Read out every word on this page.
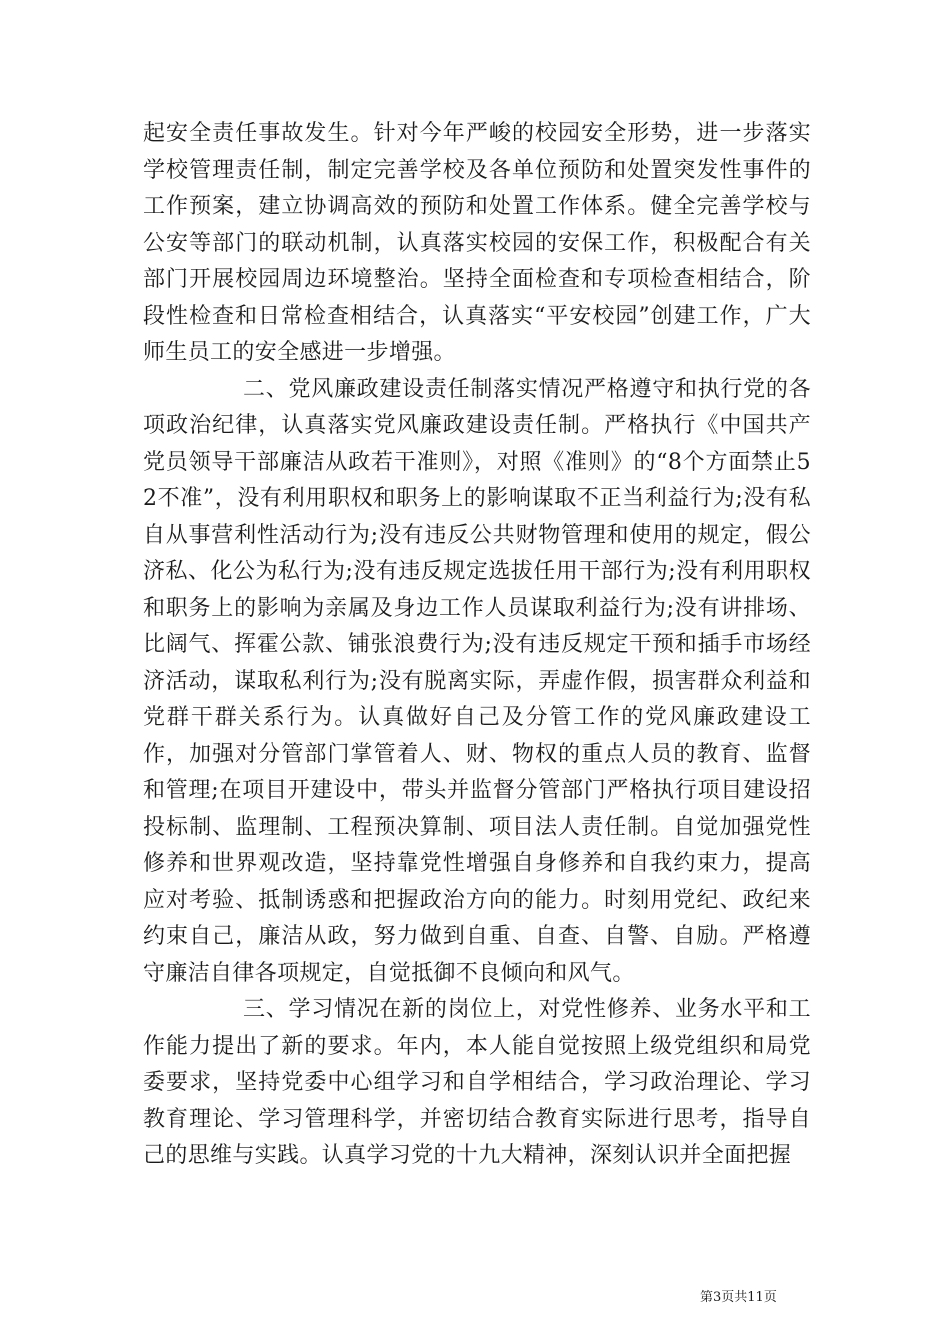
起安全责任事故发生。针对今年严峻的校园安全形势，进一步落实学校管理责任制，制定完善学校及各单位预防和处置突发性事件的工作预案，建立协调高效的预防和处置工作体系。健全完善学校与公安等部门的联动机制，认真落实校园的安保工作，积极配合有关部门开展校园周边环境整治。坚持全面检查和专项检查相结合，阶段性检查和日常检查相结合，认真落实“平安校园”创建工作，广大师生员工的安全感进一步增强。

二、党风廉政建设责任制落实情况严格遵守和执行党的各项政治纪律，认真落实党风廉政建设责任制。严格执行《中国共产党员领导干部廉洁从政若干准则》，对照《准则》的“8个方面禁止52不准”，没有利用职权和职务上的影响谋取不正当利益行为;没有私自从事营利性活动行为;没有违反公共财物管理和使用的规定，假公济私、化公为私行为;没有违反规定选拔任用干部行为;没有利用职权和职务上的影响为亲属及身边工作人员谋取利益行为;没有讲排场、比阔气、挥霍公款、铺张浪费行为;没有违反规定干预和插手市场经济活动，谋取私利行为;没有脱离实际，弄虚作假，损害群众利益和党群干群关系行为。认真做好自己及分管工作的党风廉政建设工作，加强对分管部门掌管着人、财、物权的重点人员的教育、监督和管理;在项目开建设中，带头并监督分管部门严格执行项目建设招投标制、监理制、工程预决算制、项目法人责任制。自觉加强党性修养和世界观改造，坚持靠党性增强自身修养和自我约束力，提高应对考验、抵制诱惑和把握政治方向的能力。时刻用党纪、政纪来约束自己，廉洁从政，努力做到自重、自查、自警、自励。严格遵守廉洁自律各项规定，自觉抵御不良倾向和风气。

三、学习情况在新的岗位上，对党性修养、业务水平和工作能力提出了新的要求。年内，本人能自觉按照上级党组织和局党委要求，坚持党委中心组学习和自学相结合，学习政治理论、学习教育理论、学习管理科学，并密切结合教育实际进行思考，指导自己的思维与实践。认真学习党的十九大精神，深刻认识并全面把握

第3页共11页
